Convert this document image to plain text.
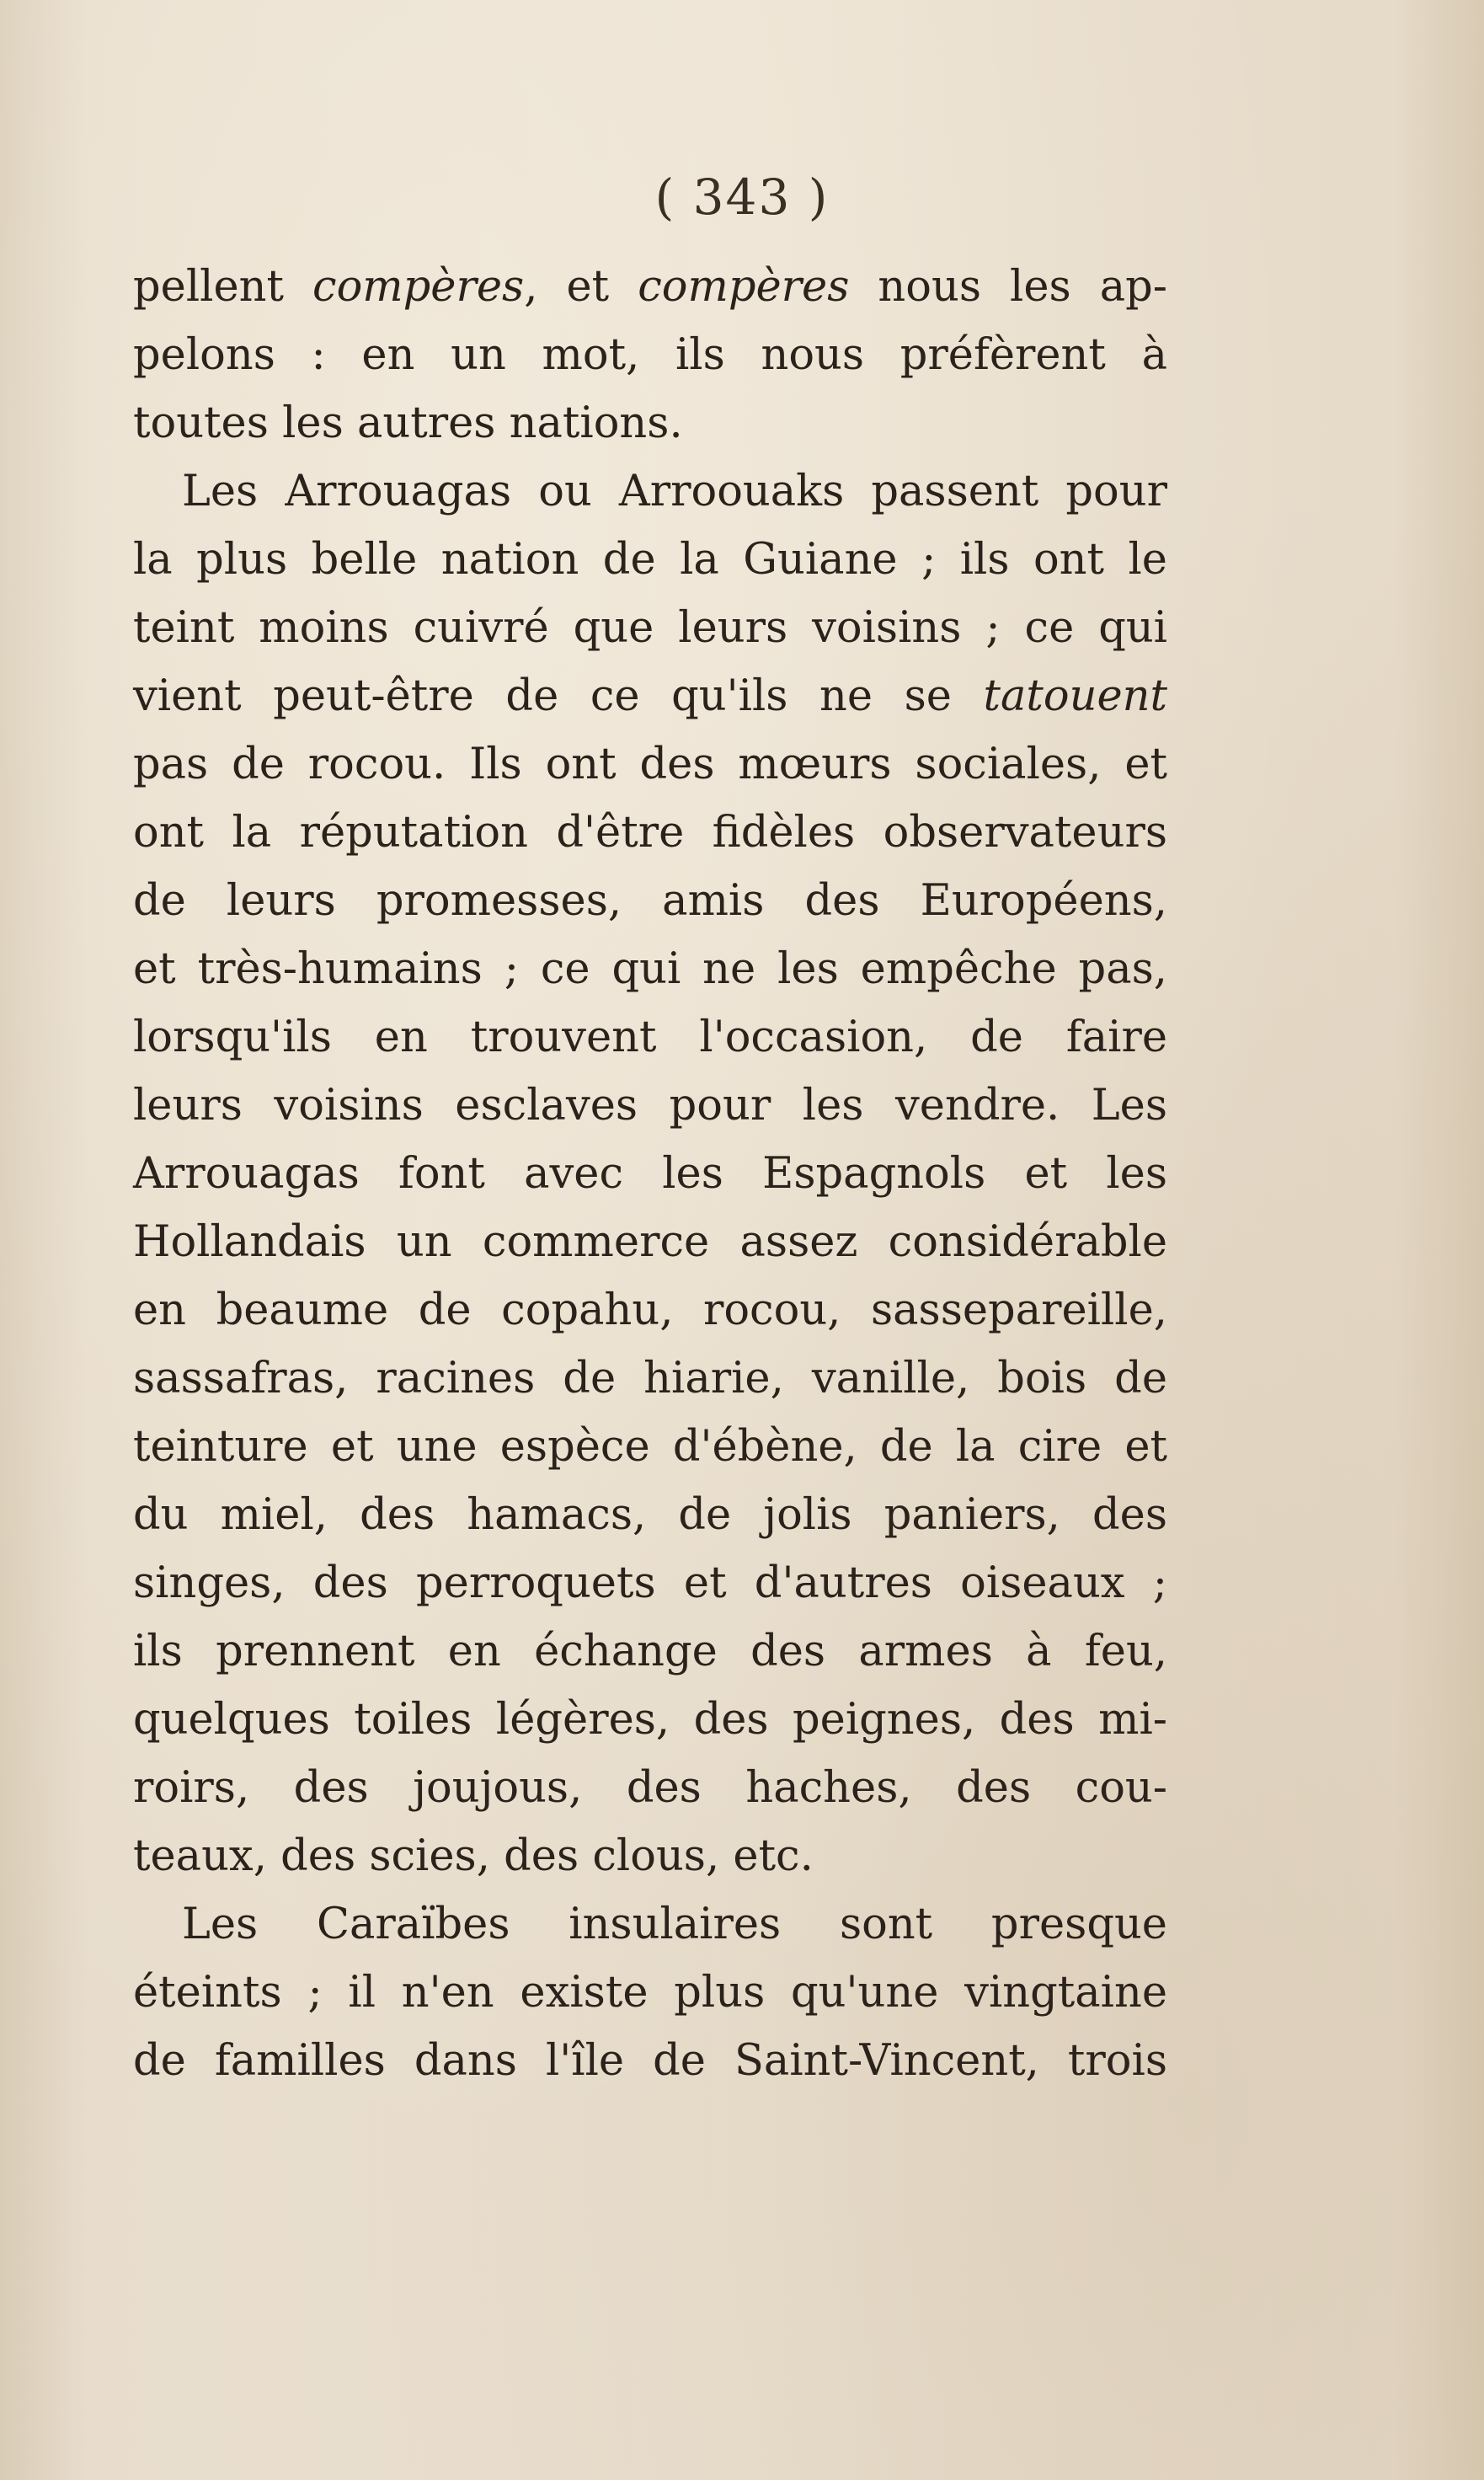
( 343 )
pellent compères, et compères nous les ap-
pelons : en un mot, ils nous préfèrent à
toutes les autres nations.
Les Arrouagas ou Arroouaks passent pour
la plus belle nation de la Guiane ; ils ont le
teint moins cuivré que leurs voisins ; ce qui
vient peut-être de ce qu'ils ne se tatouent
pas de rocou. Ils ont des mœurs sociales, et
ont la réputation d'être fidèles observateurs
de leurs promesses, amis des Européens,
et très-humains ; ce qui ne les empêche pas,
lorsqu'ils en trouvent l'occasion, de faire
leurs voisins esclaves pour les vendre. Les
Arrouagas font avec les Espagnols et les
Hollandais un commerce assez considérable
en beaume de copahu, rocou, sassepareille,
sassafras, racines de hiarie, vanille, bois de
teinture et une espèce d'ébène, de la cire et
du miel, des hamacs, de jolis paniers, des
singes, des perroquets et d'autres oiseaux ;
ils prennent en échange des armes à feu,
quelques toiles légères, des peignes, des mi-
roirs, des joujous, des haches, des cou-
teaux, des scies, des clous, etc.
Les Caraïbes insulaires sont presque
éteints ; il n'en existe plus qu'une vingtaine
de familles dans l'île de Saint-Vincent, trois
